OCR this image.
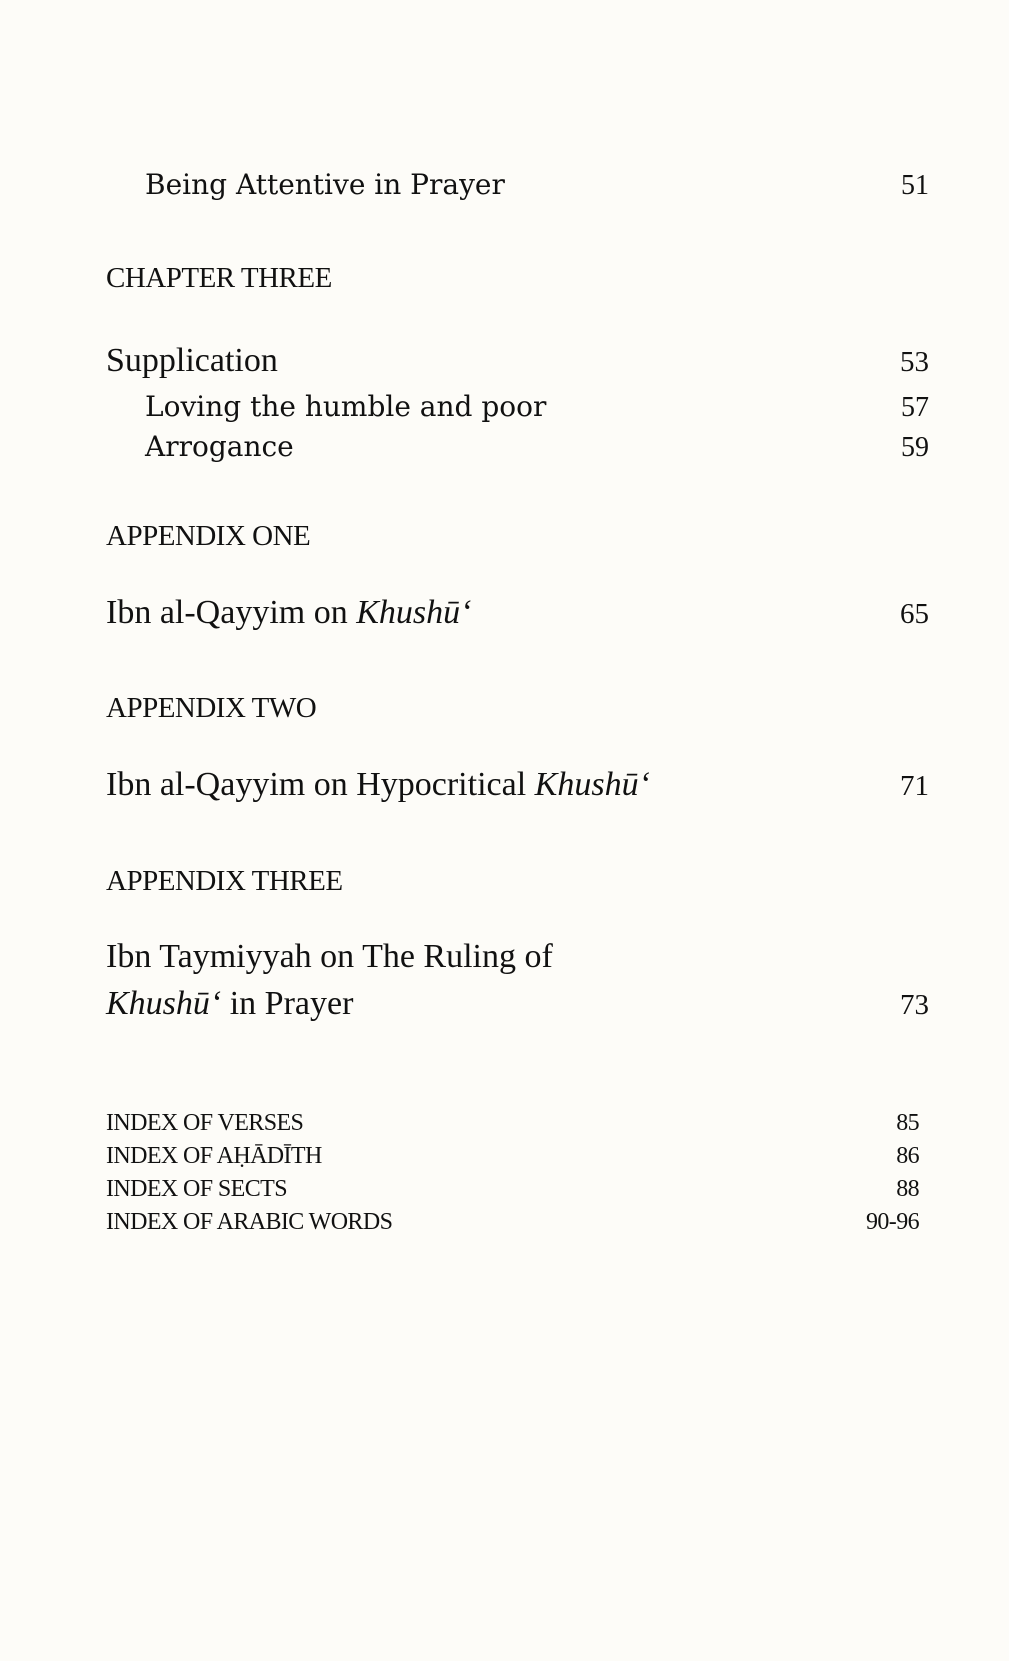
Being Attentive in Prayer	51
CHAPTER THREE
Supplication	53
Loving the humble and poor	57
Arrogance	59
APPENDIX ONE
Ibn al-Qayyim on Khushū‘	65
APPENDIX TWO
Ibn al-Qayyim on Hypocritical Khushū‘	71
APPENDIX THREE
Ibn Taymiyyah on The Ruling of
Khushū‘ in Prayer	73
INDEX OF VERSES	85
INDEX OF AḤĀDĪTH	86
INDEX OF SECTS	88
INDEX OF ARABIC WORDS	90-96
